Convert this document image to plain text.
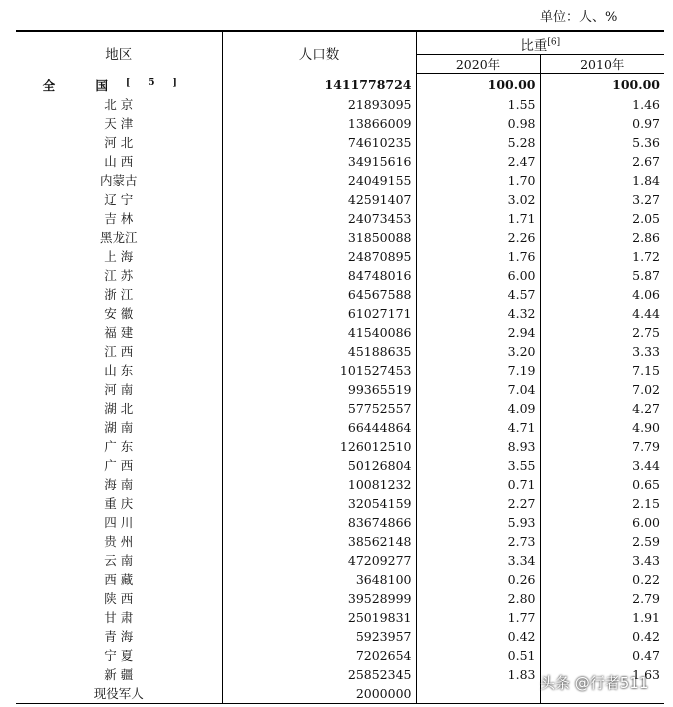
单位：人、%

地区	人口数	比重[6]
		2020年	2010年
全 国[5]	1411778724	100.00	100.00
北 京	21893095	1.55	1.46
天 津	13866009	0.98	0.97
河 北	74610235	5.28	5.36
山 西	34915616	2.47	2.67
内蒙古	24049155	1.70	1.84
辽 宁	42591407	3.02	3.27
吉 林	24073453	1.71	2.05
黑龙江	31850088	2.26	2.86
上 海	24870895	1.76	1.72
江 苏	84748016	6.00	5.87
浙 江	64567588	4.57	4.06
安 徽	61027171	4.32	4.44
福 建	41540086	2.94	2.75
江 西	45188635	3.20	3.33
山 东	101527453	7.19	7.15
河 南	99365519	7.04	7.02
湖 北	57752557	4.09	4.27
湖 南	66444864	4.71	4.90
广 东	126012510	8.93	7.79
广 西	50126804	3.55	3.44
海 南	10081232	0.71	0.65
重 庆	32054159	2.27	2.15
四 川	83674866	5.93	6.00
贵 州	38562148	2.73	2.59
云 南	47209277	3.34	3.43
西 藏	3648100	0.26	0.22
陕 西	39528999	2.80	2.79
甘 肃	25019831	1.77	1.91
青 海	5923957	0.42	0.42
宁 夏	7202654	0.51	0.47
新 疆	25852345	1.83	1.63
现役军人	2000000		
头条 @行者511
